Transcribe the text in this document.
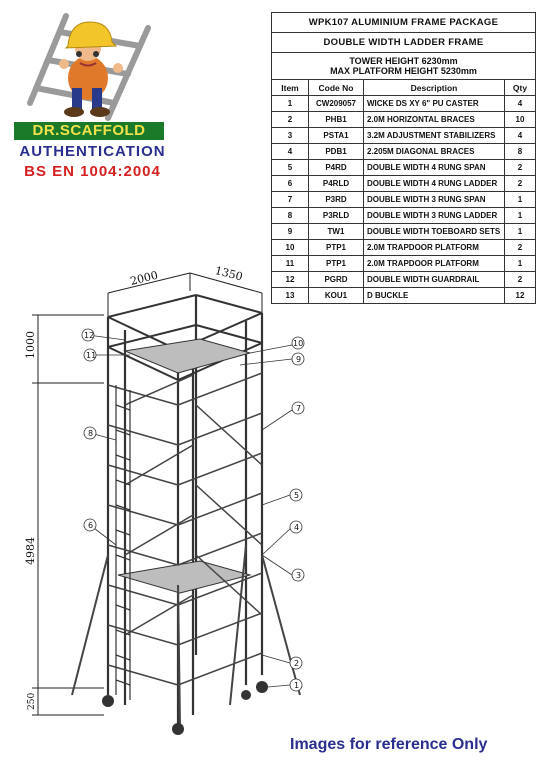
DR.SCAFFOLD
AUTHENTICATION
BS EN 1004:2004
WPK107 ALUMINIUM FRAME PACKAGE			
DOUBLE WIDTH LADDER FRAME			
TOWER HEIGHT 6230mm
MAX PLATFORM HEIGHT 5230mm			
Item	Code No	Description	Qty
1	CW209057	WICKE DS XY 6" PU CASTER	4
2	PHB1	2.0M HORIZONTAL BRACES	10
3	PSTA1	3.2M ADJUSTMENT STABILIZERS	4
4	PDB1	2.205M DIAGONAL BRACES	8
5	P4RD	DOUBLE WIDTH 4 RUNG SPAN	2
6	P4RLD	DOUBLE WIDTH 4 RUNG LADDER	2
7	P3RD	DOUBLE WIDTH 3 RUNG SPAN	1
8	P3RLD	DOUBLE WIDTH 3 RUNG LADDER	1
9	TW1	DOUBLE WIDTH TOEBOARD SETS	1
10	PTP1	2.0M TRAPDOOR PLATFORM	2
11	PTP1	2.0M TRAPDOOR PLATFORM	1
12	PGRD	DOUBLE WIDTH GUARDRAIL	2
13	KOU1	D BUCKLE	12
2000	1350
1000
4984
250
12
11
8
6
10
9
7
5
4
3
2
1
Images for reference Only
